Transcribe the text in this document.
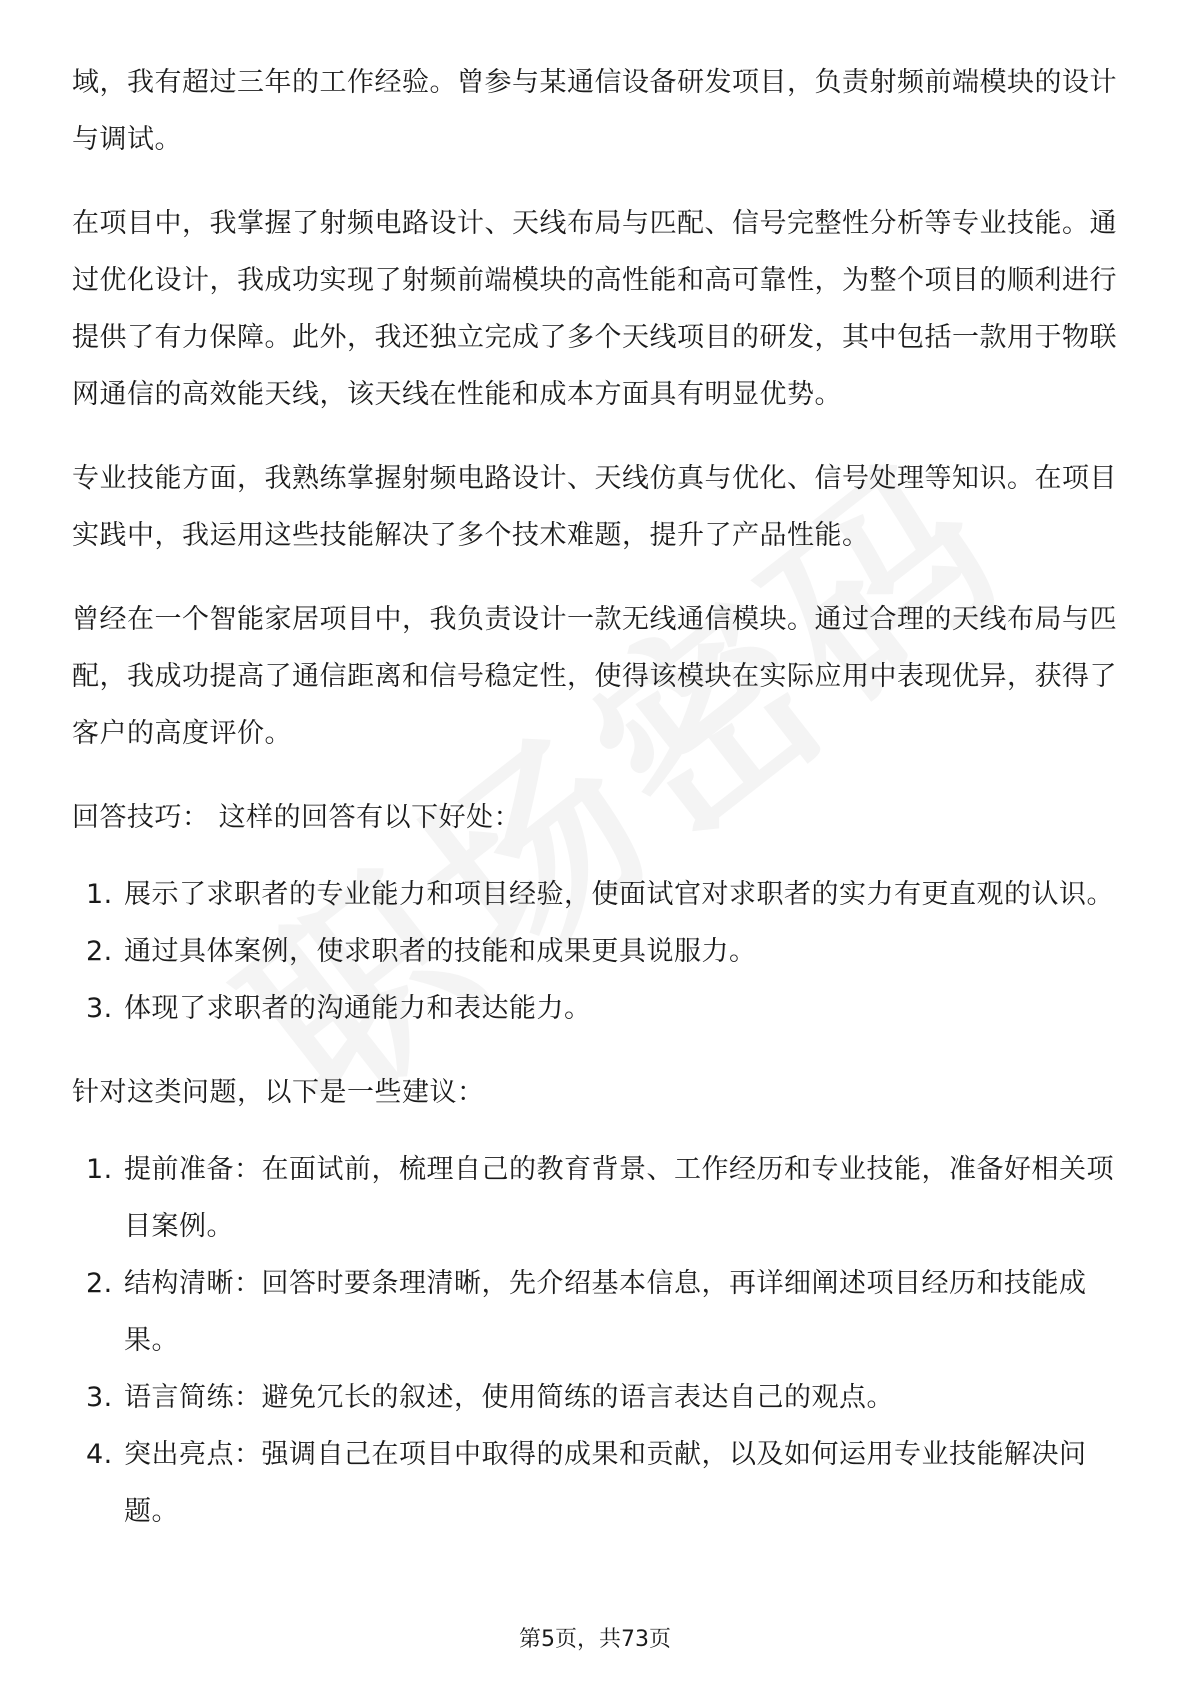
域，我有超过三年的工作经验。曾参与某通信设备研发项目，负责射频前端模块的设计与调试。

在项目中，我掌握了射频电路设计、天线布局与匹配、信号完整性分析等专业技能。通过优化设计，我成功实现了射频前端模块的高性能和高可靠性，为整个项目的顺利进行提供了有力保障。此外，我还独立完成了多个天线项目的研发，其中包括一款用于物联网通信的高效能天线，该天线在性能和成本方面具有明显优势。

专业技能方面，我熟练掌握射频电路设计、天线仿真与优化、信号处理等知识。在项目实践中，我运用这些技能解决了多个技术难题，提升了产品性能。

曾经在一个智能家居项目中，我负责设计一款无线通信模块。通过合理的天线布局与匹配，我成功提高了通信距离和信号稳定性，使得该模块在实际应用中表现优异，获得了客户的高度评价。

回答技巧： 这样的回答有以下好处：

1. 展示了求职者的专业能力和项目经验，使面试官对求职者的实力有更直观的认识。
2. 通过具体案例，使求职者的技能和成果更具说服力。
3. 体现了求职者的沟通能力和表达能力。

针对这类问题，以下是一些建议：

1. 提前准备：在面试前，梳理自己的教育背景、工作经历和专业技能，准备好相关项目案例。
2. 结构清晰：回答时要条理清晰，先介绍基本信息，再详细阐述项目经历和技能成果。
3. 语言简练：避免冗长的叙述，使用简练的语言表达自己的观点。
4. 突出亮点：强调自己在项目中取得的成果和贡献，以及如何运用专业技能解决问题。
第5页，共73页
